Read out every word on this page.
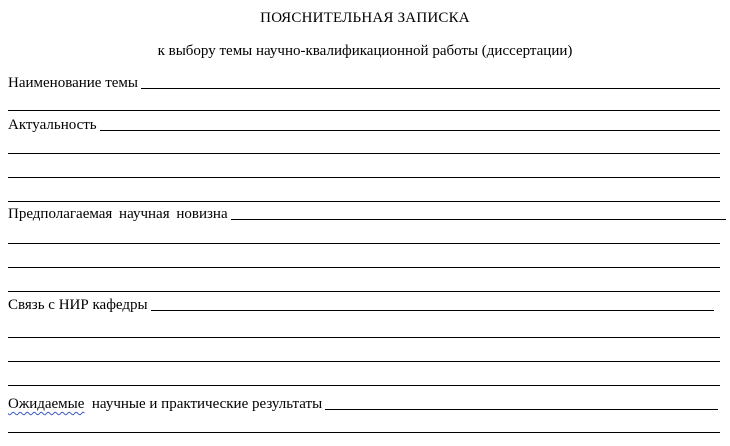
ПОЯСНИТЕЛЬНАЯ ЗАПИСКА
к выбору темы научно-квалификационной работы (диссертации)
Наименование темы
Актуальность
Предполагаемая научная новизна
Связь с НИР кафедры
Ожидаемые научные и практические результаты
